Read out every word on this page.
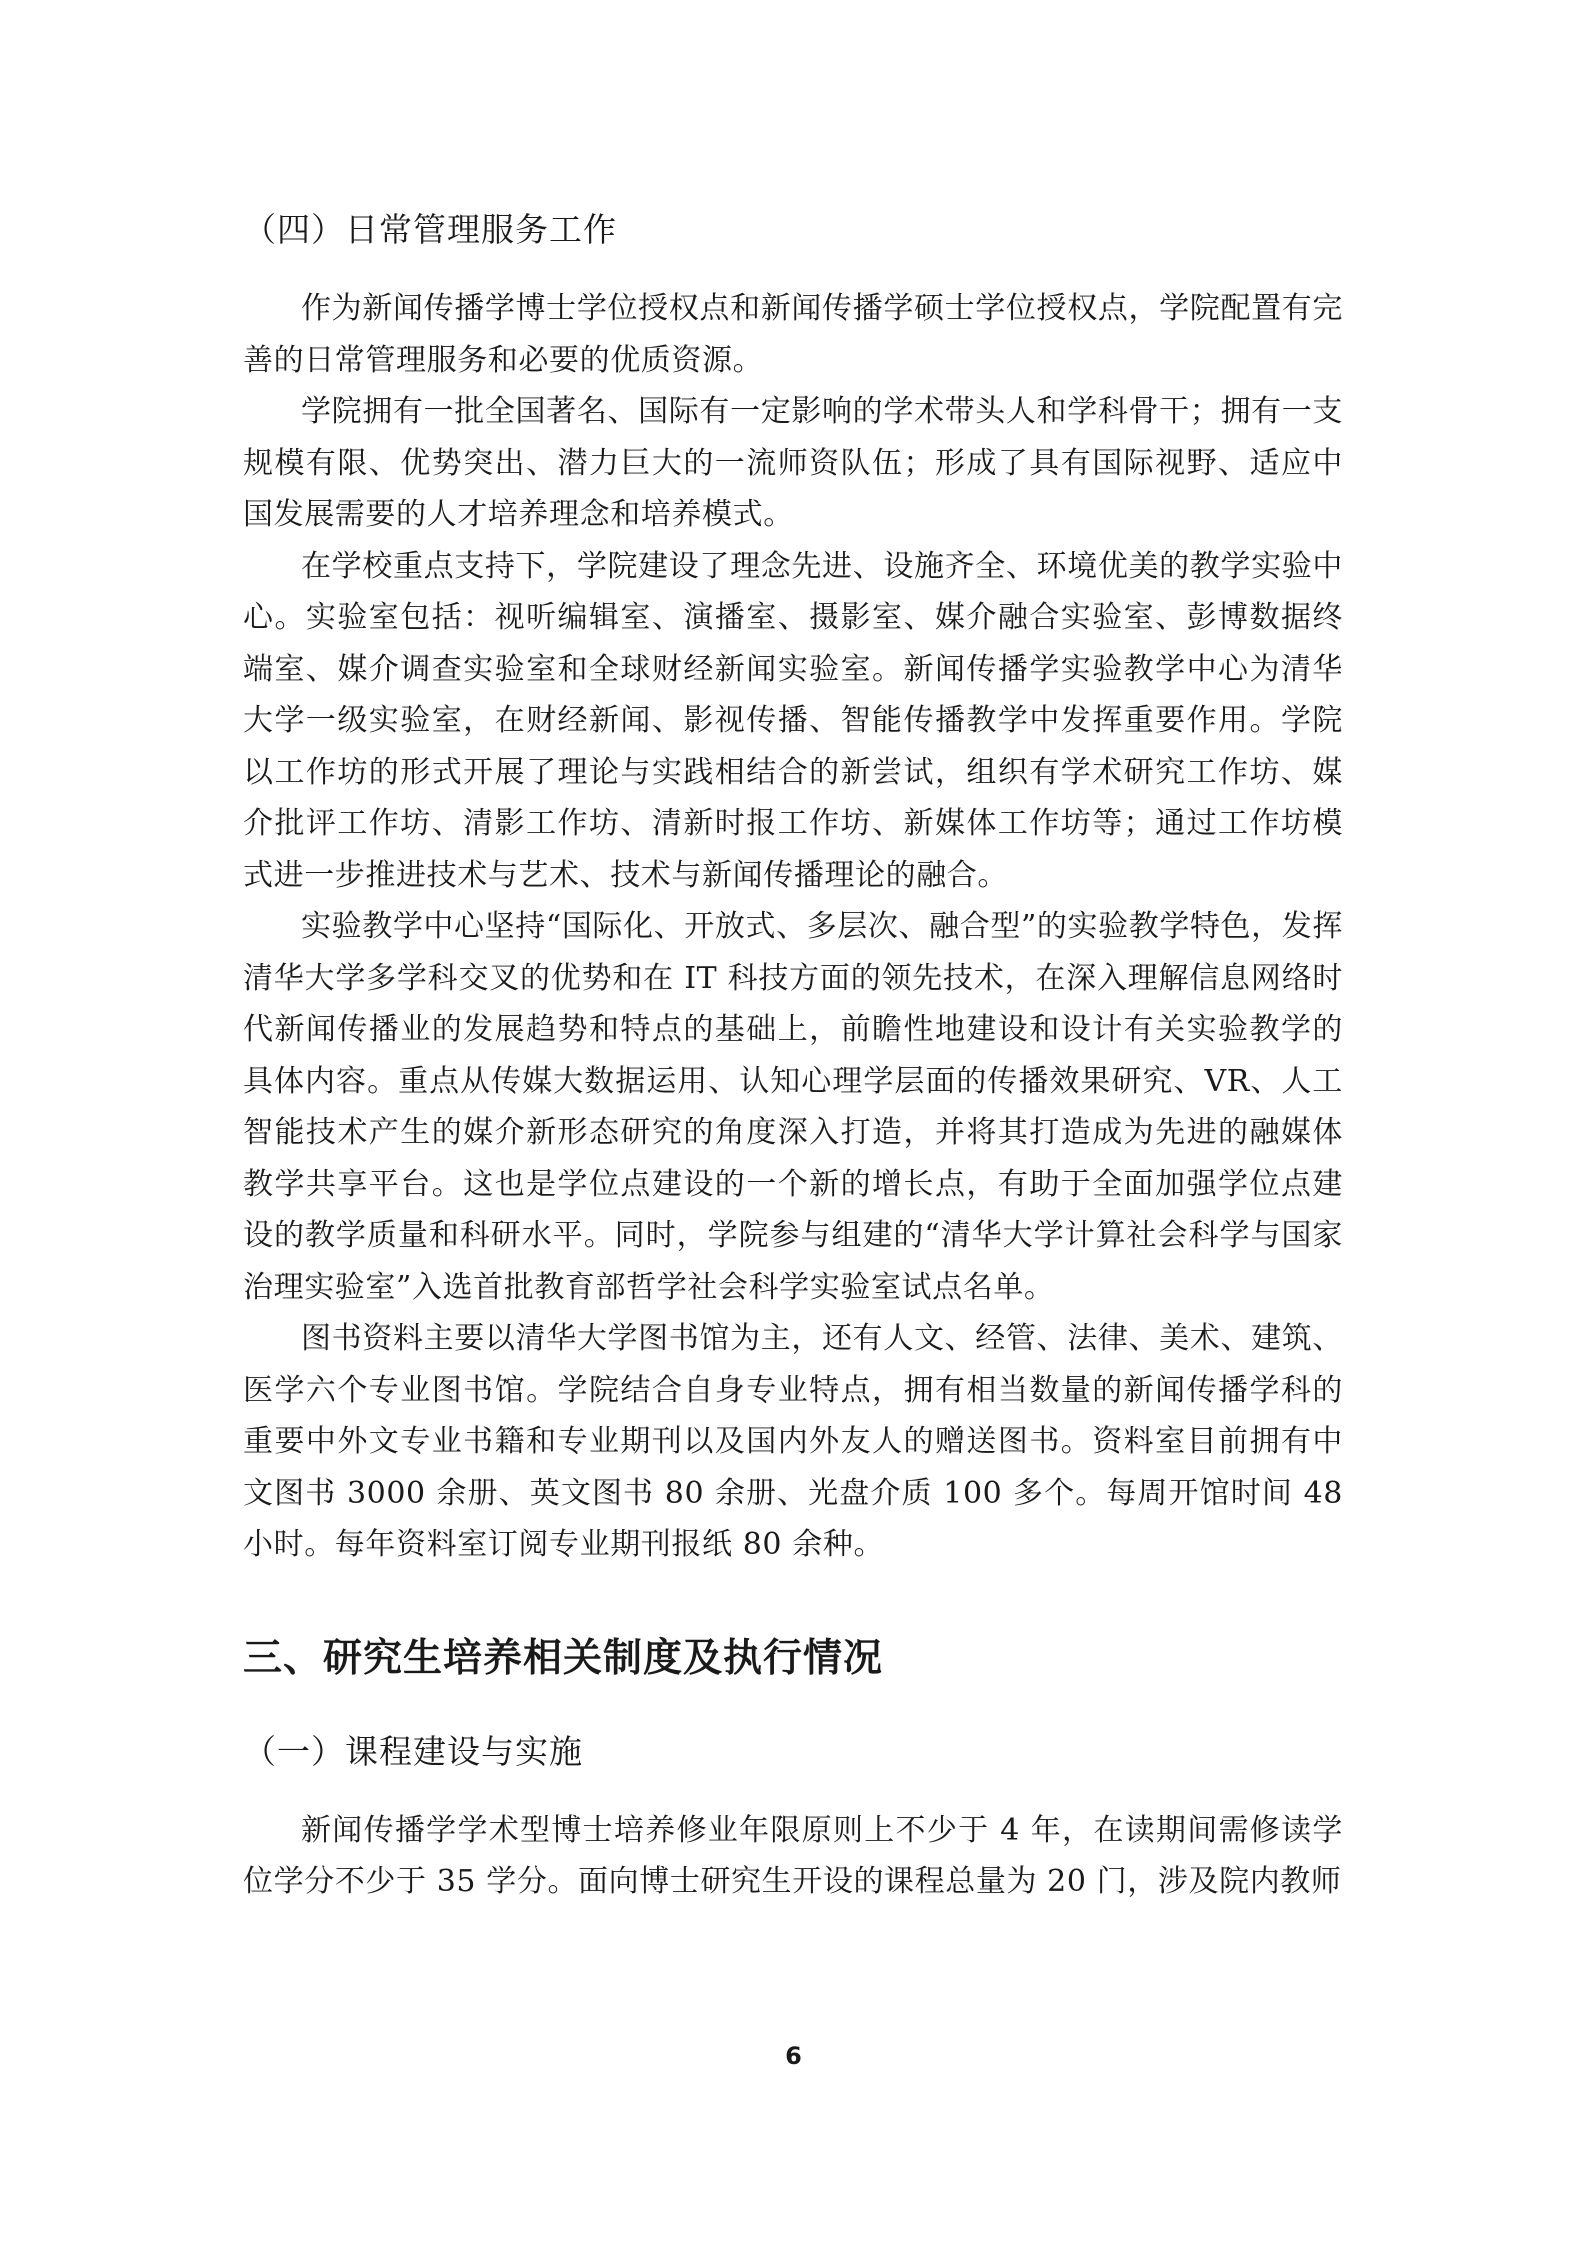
（四）日常管理服务工作

作为新闻传播学博士学位授权点和新闻传播学硕士学位授权点，学院配置有完善的日常管理服务和必要的优质资源。

学院拥有一批全国著名、国际有一定影响的学术带头人和学科骨干；拥有一支规模有限、优势突出、潜力巨大的一流师资队伍；形成了具有国际视野、适应中国发展需要的人才培养理念和培养模式。

在学校重点支持下，学院建设了理念先进、设施齐全、环境优美的教学实验中心。实验室包括：视听编辑室、演播室、摄影室、媒介融合实验室、彭博数据终端室、媒介调查实验室和全球财经新闻实验室。新闻传播学实验教学中心为清华大学一级实验室，在财经新闻、影视传播、智能传播教学中发挥重要作用。学院以工作坊的形式开展了理论与实践相结合的新尝试，组织有学术研究工作坊、媒介批评工作坊、清影工作坊、清新时报工作坊、新媒体工作坊等；通过工作坊模式进一步推进技术与艺术、技术与新闻传播理论的融合。

实验教学中心坚持“国际化、开放式、多层次、融合型”的实验教学特色，发挥清华大学多学科交叉的优势和在 IT 科技方面的领先技术，在深入理解信息网络时代新闻传播业的发展趋势和特点的基础上，前瞻性地建设和设计有关实验教学的具体内容。重点从传媒大数据运用、认知心理学层面的传播效果研究、VR、人工智能技术产生的媒介新形态研究的角度深入打造，并将其打造成为先进的融媒体教学共享平台。这也是学位点建设的一个新的增长点，有助于全面加强学位点建设的教学质量和科研水平。同时，学院参与组建的“清华大学计算社会科学与国家治理实验室”入选首批教育部哲学社会科学实验室试点名单。

图书资料主要以清华大学图书馆为主，还有人文、经管、法律、美术、建筑、医学六个专业图书馆。学院结合自身专业特点，拥有相当数量的新闻传播学科的重要中外文专业书籍和专业期刊以及国内外友人的赠送图书。资料室目前拥有中文图书 3000 余册、英文图书 80 余册、光盘介质 100 多个。每周开馆时间 48 小时。每年资料室订阅专业期刊报纸 80 余种。

三、研究生培养相关制度及执行情况
（一）课程建设与实施

新闻传播学学术型博士培养修业年限原则上不少于 4 年，在读期间需修读学位学分不少于 35 学分。面向博士研究生开设的课程总量为 20 门，涉及院内教师

6
